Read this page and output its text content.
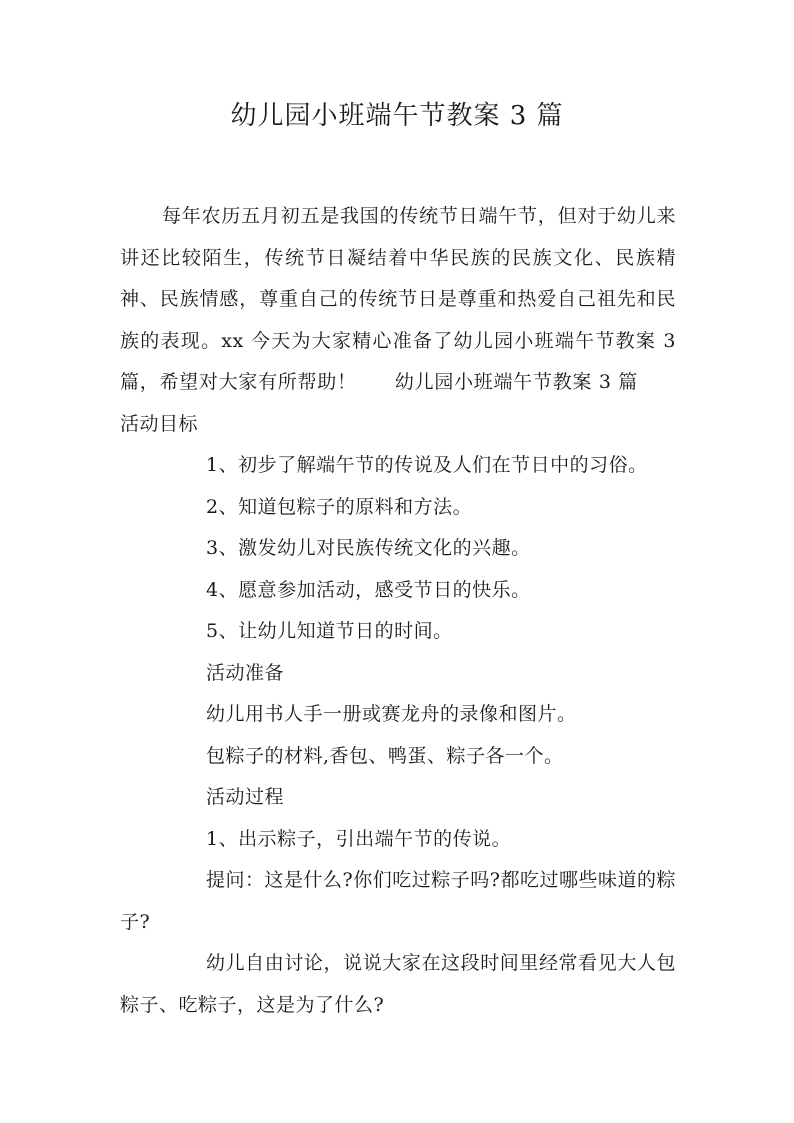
幼儿园小班端午节教案 3 篇

每年农历五月初五是我国的传统节日端午节，但对于幼儿来讲还比较陌生，传统节日凝结着中华民族的民族文化、民族精神、民族情感，尊重自己的传统节日是尊重和热爱自己祖先和民族的表现。xx 今天为大家精心准备了幼儿园小班端午节教案 3 篇，希望对大家有所帮助！ 幼儿园小班端午节教案 3 篇活动目标

1、初步了解端午节的传说及人们在节日中的习俗。

2、知道包粽子的原料和方法。

3、激发幼儿对民族传统文化的兴趣。

4、愿意参加活动，感受节日的快乐。

5、让幼儿知道节日的时间。

活动准备

幼儿用书人手一册或赛龙舟的录像和图片。

包粽子的材料,香包、鸭蛋、粽子各一个。

活动过程

1、出示粽子，引出端午节的传说。

提问：这是什么?你们吃过粽子吗?都吃过哪些味道的粽子?

幼儿自由讨论，说说大家在这段时间里经常看见大人包粽子、吃粽子，这是为了什么?
